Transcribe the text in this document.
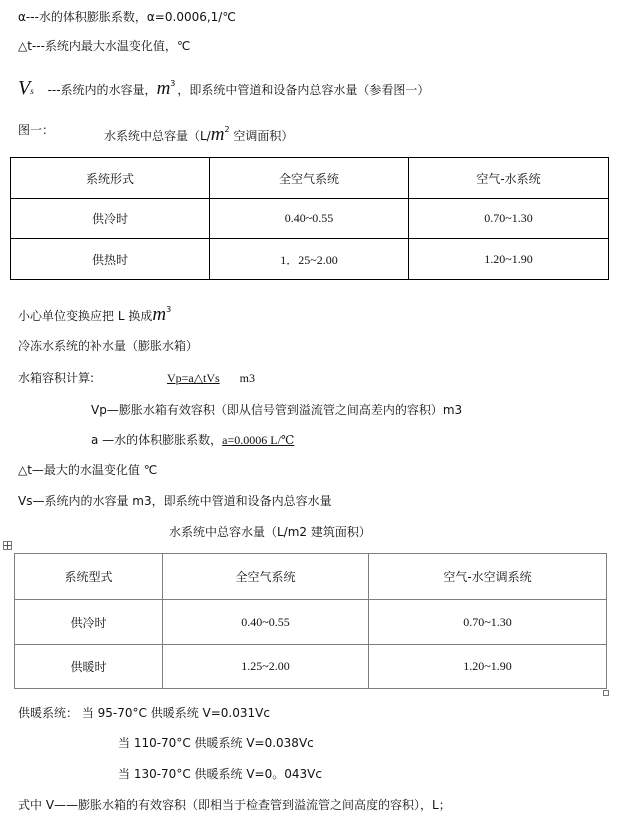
α---水的体积膨胀系数，α=0.0006,1/℃
△t---系统内最大水温变化值，℃
Vs ---系统内的水容量，$m^3$ ，即系统中管道和设备内总容水量（参看图一）
图一：	水系统中总容量（$L/m^2$ 空调面积）
系统形式	全空气系统	空气-水系统
供冷时	0.40~0.55	0.70~1.30
供热时	1．25~2.00	1.20~1.90
小心单位变换应把 L 换成$m^3$
冷冻水系统的补水量（膨胀水箱）
水箱容积计算:	Vp=a△tVs m3
Vp—膨胀水箱有效容积（即从信号管到溢流管之间高差内的容积）m3
a —水的体积膨胀系数，a=0.0006 L/℃
△t—最大的水温变化值 ℃
Vs—系统内的水容量 m3，即系统中管道和设备内总容水量
水系统中总容水量（L/m2 建筑面积）
系统型式	全空气系统	空气-水空调系统
供冷时	0.40~0.55	0.70~1.30
供暖时	1.25~2.00	1.20~1.90
供暖系统： 当 95-70°C 供暖系统 V=0.031Vc
当 110-70°C 供暖系统 V=0.038Vc
当 130-70°C 供暖系统 V=0。043Vc
式中 V——膨胀水箱的有效容积（即相当于检查管到溢流管之间高度的容积），L；
